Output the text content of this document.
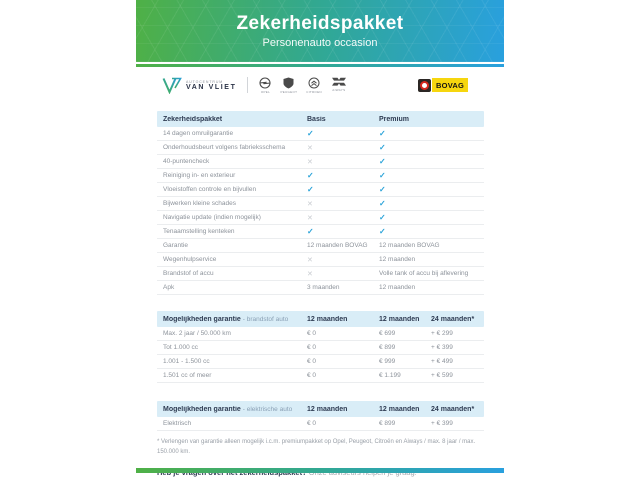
Zekerheidspakket
Personenauto occasion
AUTOCENTRUM
VAN VLIET
OPEL	PEUGEOT	CITROEN	AIWAYS	BOVAG
Zekerheidspakket	Basis	Premium
14 dagen omruilgarantie	✓	✓
Onderhoudsbeurt volgens fabrieksschema	✕	✓
40-puntencheck	✕	✓
Reiniging in- en exterieur	✓	✓
Vloeistoffen controle en bijvullen	✓	✓
Bijwerken kleine schades	✕	✓
Navigatie update (indien mogelijk)	✕	✓
Tenaamstelling kenteken	✓	✓
Garantie	12 maanden BOVAG	12 maanden BOVAG
Wegenhulpservice	✕	12 maanden
Brandstof of accu	✕	Volle tank of accu bij aflevering
Apk	3 maanden	12 maanden
Mogelijkheden garantie - brandstof auto	12 maanden	12 maanden	24 maanden*
Max. 2 jaar / 50.000 km	€ 0	€ 699	+ € 299
Tot 1.000 cc	€ 0	€ 899	+ € 399
1.001 - 1.500 cc	€ 0	€ 999	+ € 499
1.501 cc of meer	€ 0	€ 1.199	+ € 599
Mogelijkheden garantie - elektrische auto	12 maanden	12 maanden	24 maanden*
Elektrisch	€ 0	€ 899	+ € 399
* Verlengen van garantie alleen mogelijk i.c.m. premiumpakket op Opel, Peugeot, Citroën en Aiways / max. 8 jaar / max. 150.000 km.
